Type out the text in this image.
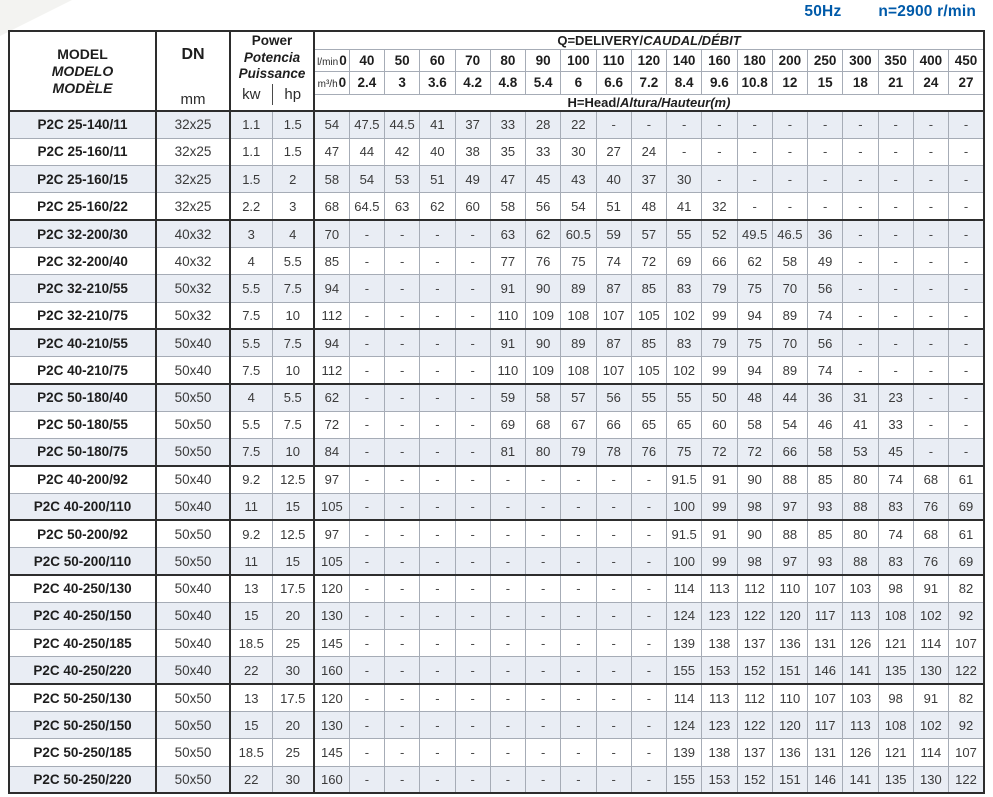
50Hz n=2900 r/min
MODEL
MODELO
MODÈLE

DN
mm

Power
Potencia
Puissance
kw	hp
	Q=DELIVERY/CAUDAL/DÉBIT
				l/min0	40	50	60	70	80	90	100	110	120	140	160	180	200	250	300	350	400	450
				m³/h0	2.4	3	3.6	4.2	4.8	5.4	6	6.6	7.2	8.4	9.6	10.8	12	15	18	21	24	27
				H=Head/Altura/Hauteur(m)																		
P2C 25-140/11	32x25	1.1	1.5	54	47.5	44.5	41	37	33	28	22	-	-	-	-	-	-	-	-	-	-	-
P2C 25-160/11	32x25	1.1	1.5	47	44	42	40	38	35	33	30	27	24	-	-	-	-	-	-	-	-	-
P2C 25-160/15	32x25	1.5	2	58	54	53	51	49	47	45	43	40	37	30	-	-	-	-	-	-	-	-
P2C 25-160/22	32x25	2.2	3	68	64.5	63	62	60	58	56	54	51	48	41	32	-	-	-	-	-	-	-
P2C 32-200/30	40x32	3	4	70	-	-	-	-	63	62	60.5	59	57	55	52	49.5	46.5	36	-	-	-	-
P2C 32-200/40	40x32	4	5.5	85	-	-	-	-	77	76	75	74	72	69	66	62	58	49	-	-	-	-
P2C 32-210/55	50x32	5.5	7.5	94	-	-	-	-	91	90	89	87	85	83	79	75	70	56	-	-	-	-
P2C 32-210/75	50x32	7.5	10	112	-	-	-	-	110	109	108	107	105	102	99	94	89	74	-	-	-	-
P2C 40-210/55	50x40	5.5	7.5	94	-	-	-	-	91	90	89	87	85	83	79	75	70	56	-	-	-	-
P2C 40-210/75	50x40	7.5	10	112	-	-	-	-	110	109	108	107	105	102	99	94	89	74	-	-	-	-
P2C 50-180/40	50x50	4	5.5	62	-	-	-	-	59	58	57	56	55	55	50	48	44	36	31	23	-	-
P2C 50-180/55	50x50	5.5	7.5	72	-	-	-	-	69	68	67	66	65	65	60	58	54	46	41	33	-	-
P2C 50-180/75	50x50	7.5	10	84	-	-	-	-	81	80	79	78	76	75	72	72	66	58	53	45	-	-
P2C 40-200/92	50x40	9.2	12.5	97	-	-	-	-	-	-	-	-	-	91.5	91	90	88	85	80	74	68	61
P2C 40-200/110	50x40	11	15	105	-	-	-	-	-	-	-	-	-	100	99	98	97	93	88	83	76	69
P2C 50-200/92	50x50	9.2	12.5	97	-	-	-	-	-	-	-	-	-	91.5	91	90	88	85	80	74	68	61
P2C 50-200/110	50x50	11	15	105	-	-	-	-	-	-	-	-	-	100	99	98	97	93	88	83	76	69
P2C 40-250/130	50x40	13	17.5	120	-	-	-	-	-	-	-	-	-	114	113	112	110	107	103	98	91	82
P2C 40-250/150	50x40	15	20	130	-	-	-	-	-	-	-	-	-	124	123	122	120	117	113	108	102	92
P2C 40-250/185	50x40	18.5	25	145	-	-	-	-	-	-	-	-	-	139	138	137	136	131	126	121	114	107
P2C 40-250/220	50x40	22	30	160	-	-	-	-	-	-	-	-	-	155	153	152	151	146	141	135	130	122
P2C 50-250/130	50x50	13	17.5	120	-	-	-	-	-	-	-	-	-	114	113	112	110	107	103	98	91	82
P2C 50-250/150	50x50	15	20	130	-	-	-	-	-	-	-	-	-	124	123	122	120	117	113	108	102	92
P2C 50-250/185	50x50	18.5	25	145	-	-	-	-	-	-	-	-	-	139	138	137	136	131	126	121	114	107
P2C 50-250/220	50x50	22	30	160	-	-	-	-	-	-	-	-	-	155	153	152	151	146	141	135	130	122
